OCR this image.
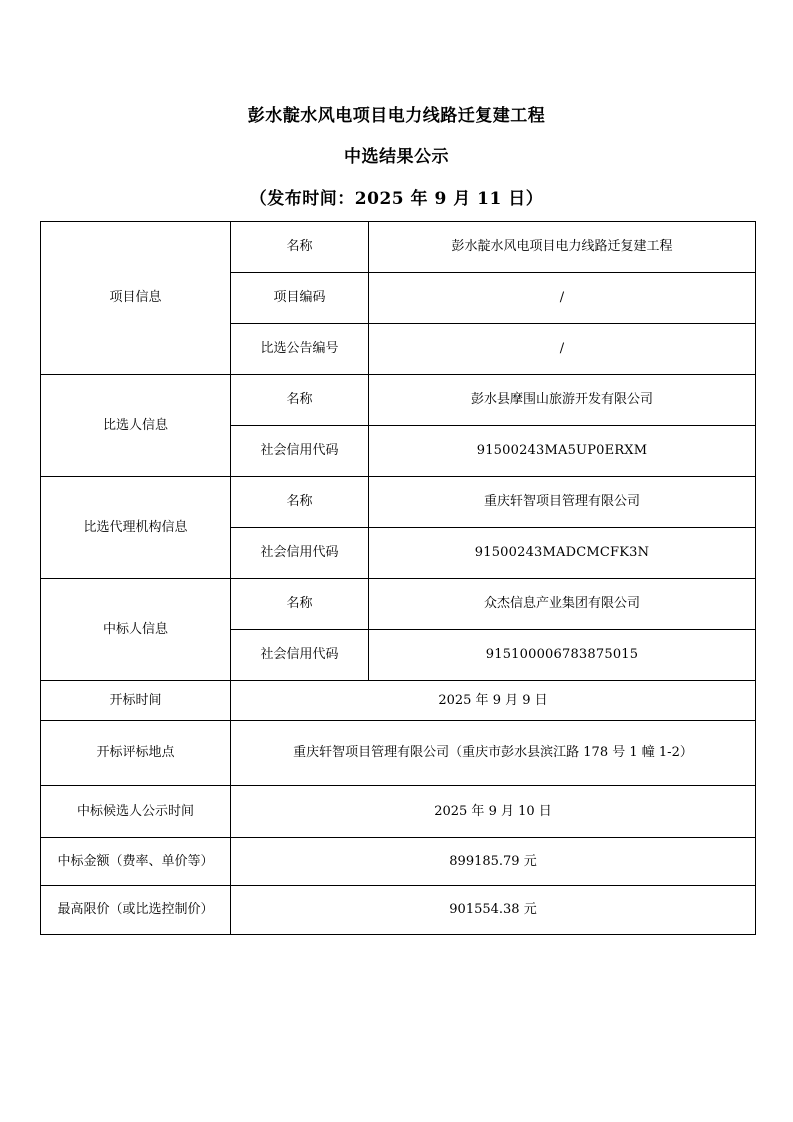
彭水靛水风电项目电力线路迁复建工程
中选结果公示
（发布时间：2025 年 9 月 11 日）
项目信息	名称	彭水靛水风电项目电力线路迁复建工程
	项目编码	/
	比选公告编号	/
比选人信息	名称	彭水县摩围山旅游开发有限公司
	社会信用代码	91500243MA5UP0ERXM
比选代理机构信息	名称	重庆轩智项目管理有限公司
	社会信用代码	91500243MADCMCFK3N
中标人信息	名称	众杰信息产业集团有限公司
	社会信用代码	915100006783875015
开标时间	2025 年 9 月 9 日	
开标评标地点	重庆轩智项目管理有限公司（重庆市彭水县滨江路 178 号 1 幢 1-2）	
中标候选人公示时间	2025 年 9 月 10 日	
中标金额（费率、单价等）	899185.79 元	
最高限价（或比选控制价）	901554.38 元	
